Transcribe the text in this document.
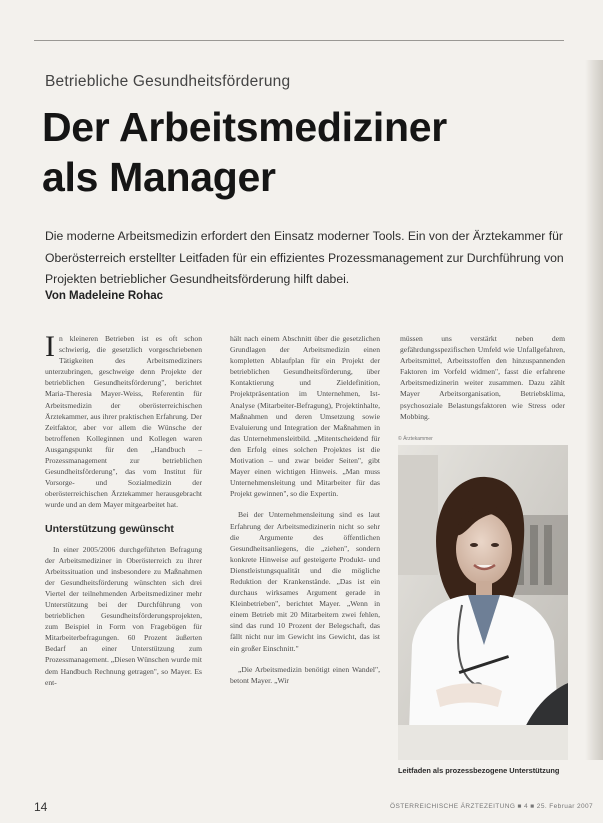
Betriebliche Gesundheitsförderung
Der Arbeitsmediziner
als Manager

Die moderne Arbeitsmedizin erfordert den Einsatz moderner Tools. Ein von der Ärztekammer für Oberösterreich erstellter Leitfaden für ein effizientes Prozessmanagement zur Durchführung von Projekten betrieblicher Gesundheitsförderung hilft dabei.

Von Madeleine Rohac

I n kleineren Betrieben ist es oft schon schwierig, die gesetzlich vorgeschriebenen Tätigkeiten des Arbeitsmediziners unterzubringen, geschweige denn Projekte der betrieblichen Gesundheitsförderung", berichtet Maria-Theresia Mayer-Weiss, Referentin für Arbeitsmedizin der oberösterreichischen Ärztekammer, aus ihrer praktischen Erfahrung. Der Zeitfaktor, aber vor allem die Wünsche der betroffenen Kolleginnen und Kollegen waren Ausgangspunkt für den „Handbuch – Prozessmanagement zur betrieblichen Gesundheitsförderung", das vom Institut für Vorsorge- und Sozialmedizin der oberösterreichischen Ärztekammer herausgebracht wurde und an dem Mayer mitgearbeitet hat.

Unterstützung gewünscht

In einer 2005/2006 durchgeführten Befragung der Arbeitsmediziner in Oberösterreich zu ihrer Arbeitssituation und insbesondere zu Maßnahmen der Gesundheitsförderung wünschten sich drei Viertel der teilnehmenden Arbeitsmediziner mehr Unterstützung bei der Durchführung von betrieblichen Gesundheitsförderungsprojekten, zum Beispiel in Form von Fragebögen für Mitarbeiterbefragungen. 60 Prozent äußerten Bedarf an einer Unterstützung zum Prozessmanagement. „Diesen Wünschen wurde mit dem Handbuch Rechnung getragen", so Mayer. Es ent-

hält nach einem Abschnitt über die gesetzlichen Grundlagen der Arbeitsmedizin einen kompletten Ablaufplan für ein Projekt der betrieblichen Gesundheitsförderung, über Kontaktierung und Zieldefinition, Projektpräsentation im Unternehmen, Ist-Analyse (Mitarbeiter-Befragung), Projektinhalte, Maßnahmen und deren Umsetzung sowie Evaluierung und Integration der Maßnahmen in das Unternehmensleitbild. „Mitentscheidend für den Erfolg eines solchen Projektes ist die Motivation – und zwar beider Seiten", gibt Mayer einen wichtigen Hinweis. „Man muss Unternehmensleitung und Mitarbeiter für das Projekt gewinnen", so die Expertin.

Bei der Unternehmensleitung sind es laut Erfahrung der Arbeitsmedizinerin nicht so sehr die Argumente des öffentlichen Gesundheitsanliegens, die „ziehen", sondern konkrete Hinweise auf gesteigerte Produkt- und Dienstleistungsqualität und die mögliche Reduktion der Krankenstände. „Das ist ein durchaus wirksames Argument gerade in Kleinbetrieben", berichtet Mayer. „Wenn in einem Betrieb mit 20 Mitarbeitern zwei fehlen, sind das rund 10 Prozent der Belegschaft, das fällt nicht nur im Gewicht ins Gewicht, das ist ein großer Einschnitt."

„Die Arbeitsmedizin benötigt einen Wandel", betont Mayer. „Wir

müssen uns verstärkt neben dem gefährdungsspezifischen Umfeld wie Unfallgefahren, Arbeitsmittel, Arbeitsstoffen den hinzuspannenden Faktoren im Vorfeld widmen", fasst die erfahrene Arbeitsmedizinerin weiter zusammen. Dazu zählt Mayer Arbeitsorganisation, Betriebsklima, psychosoziale Belastungsfaktoren wie Stress oder Mobbing.

© Ärztekammer
Leitfaden als prozessbezogene Unterstützung
14	ÖSTERREICHISCHE ÄRZTEZEITUNG ■ 4 ■ 25. Februar 2007
